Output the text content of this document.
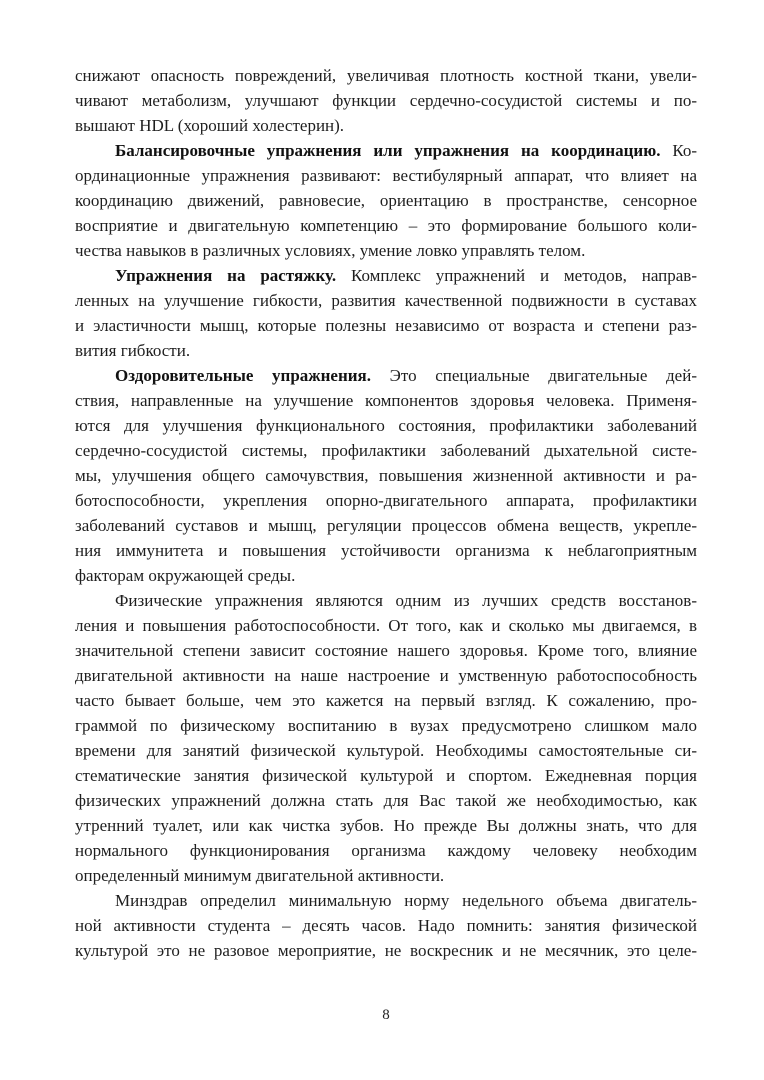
снижают опасность повреждений, увеличивая плотность костной ткани, увели-
чивают метаболизм, улучшают функции сердечно-сосудистой системы и по-
вышают HDL (хороший холестерин).
Балансировочные упражнения или упражнения на координацию. Ко-
ординационные упражнения развивают: вестибулярный аппарат, что влияет на
координацию движений, равновесие, ориентацию в пространстве, сенсорное
восприятие и двигательную компетенцию – это формирование большого коли-
чества навыков в различных условиях, умение ловко управлять телом.
Упражнения на растяжку. Комплекс упражнений и методов, направ-
ленных на улучшение гибкости, развития качественной подвижности в суставах
и эластичности мышц, которые полезны независимо от возраста и степени раз-
вития гибкости.
Оздоровительные упражнения. Это специальные двигательные дей-
ствия, направленные на улучшение компонентов здоровья человека. Применя-
ются для улучшения функционального состояния, профилактики заболеваний
сердечно-сосудистой системы, профилактики заболеваний дыхательной систе-
мы, улучшения общего самочувствия, повышения жизненной активности и ра-
ботоспособности, укрепления опорно-двигательного аппарата, профилактики
заболеваний суставов и мышц, регуляции процессов обмена веществ, укрепле-
ния иммунитета и повышения устойчивости организма к неблагоприятным
факторам окружающей среды.
Физические упражнения являются одним из лучших средств восстанов-
ления и повышения работоспособности. От того, как и сколько мы двигаемся, в
значительной степени зависит состояние нашего здоровья. Кроме того, влияние
двигательной активности на наше настроение и умственную работоспособность
часто бывает больше, чем это кажется на первый взгляд. К сожалению, про-
граммой по физическому воспитанию в вузах предусмотрено слишком мало
времени для занятий физической культурой. Необходимы самостоятельные си-
стематические занятия физической культурой и спортом. Ежедневная порция
физических упражнений должна стать для Вас такой же необходимостью, как
утренний туалет, или как чистка зубов. Но прежде Вы должны знать, что для
нормального функционирования организма каждому человеку необходим
определенный минимум двигательной активности.
Минздрав определил минимальную норму недельного объема двигатель-
ной активности студента – десять часов. Надо помнить: занятия физической
культурой это не разовое мероприятие, не воскресник и не месячник, это целе-
8
